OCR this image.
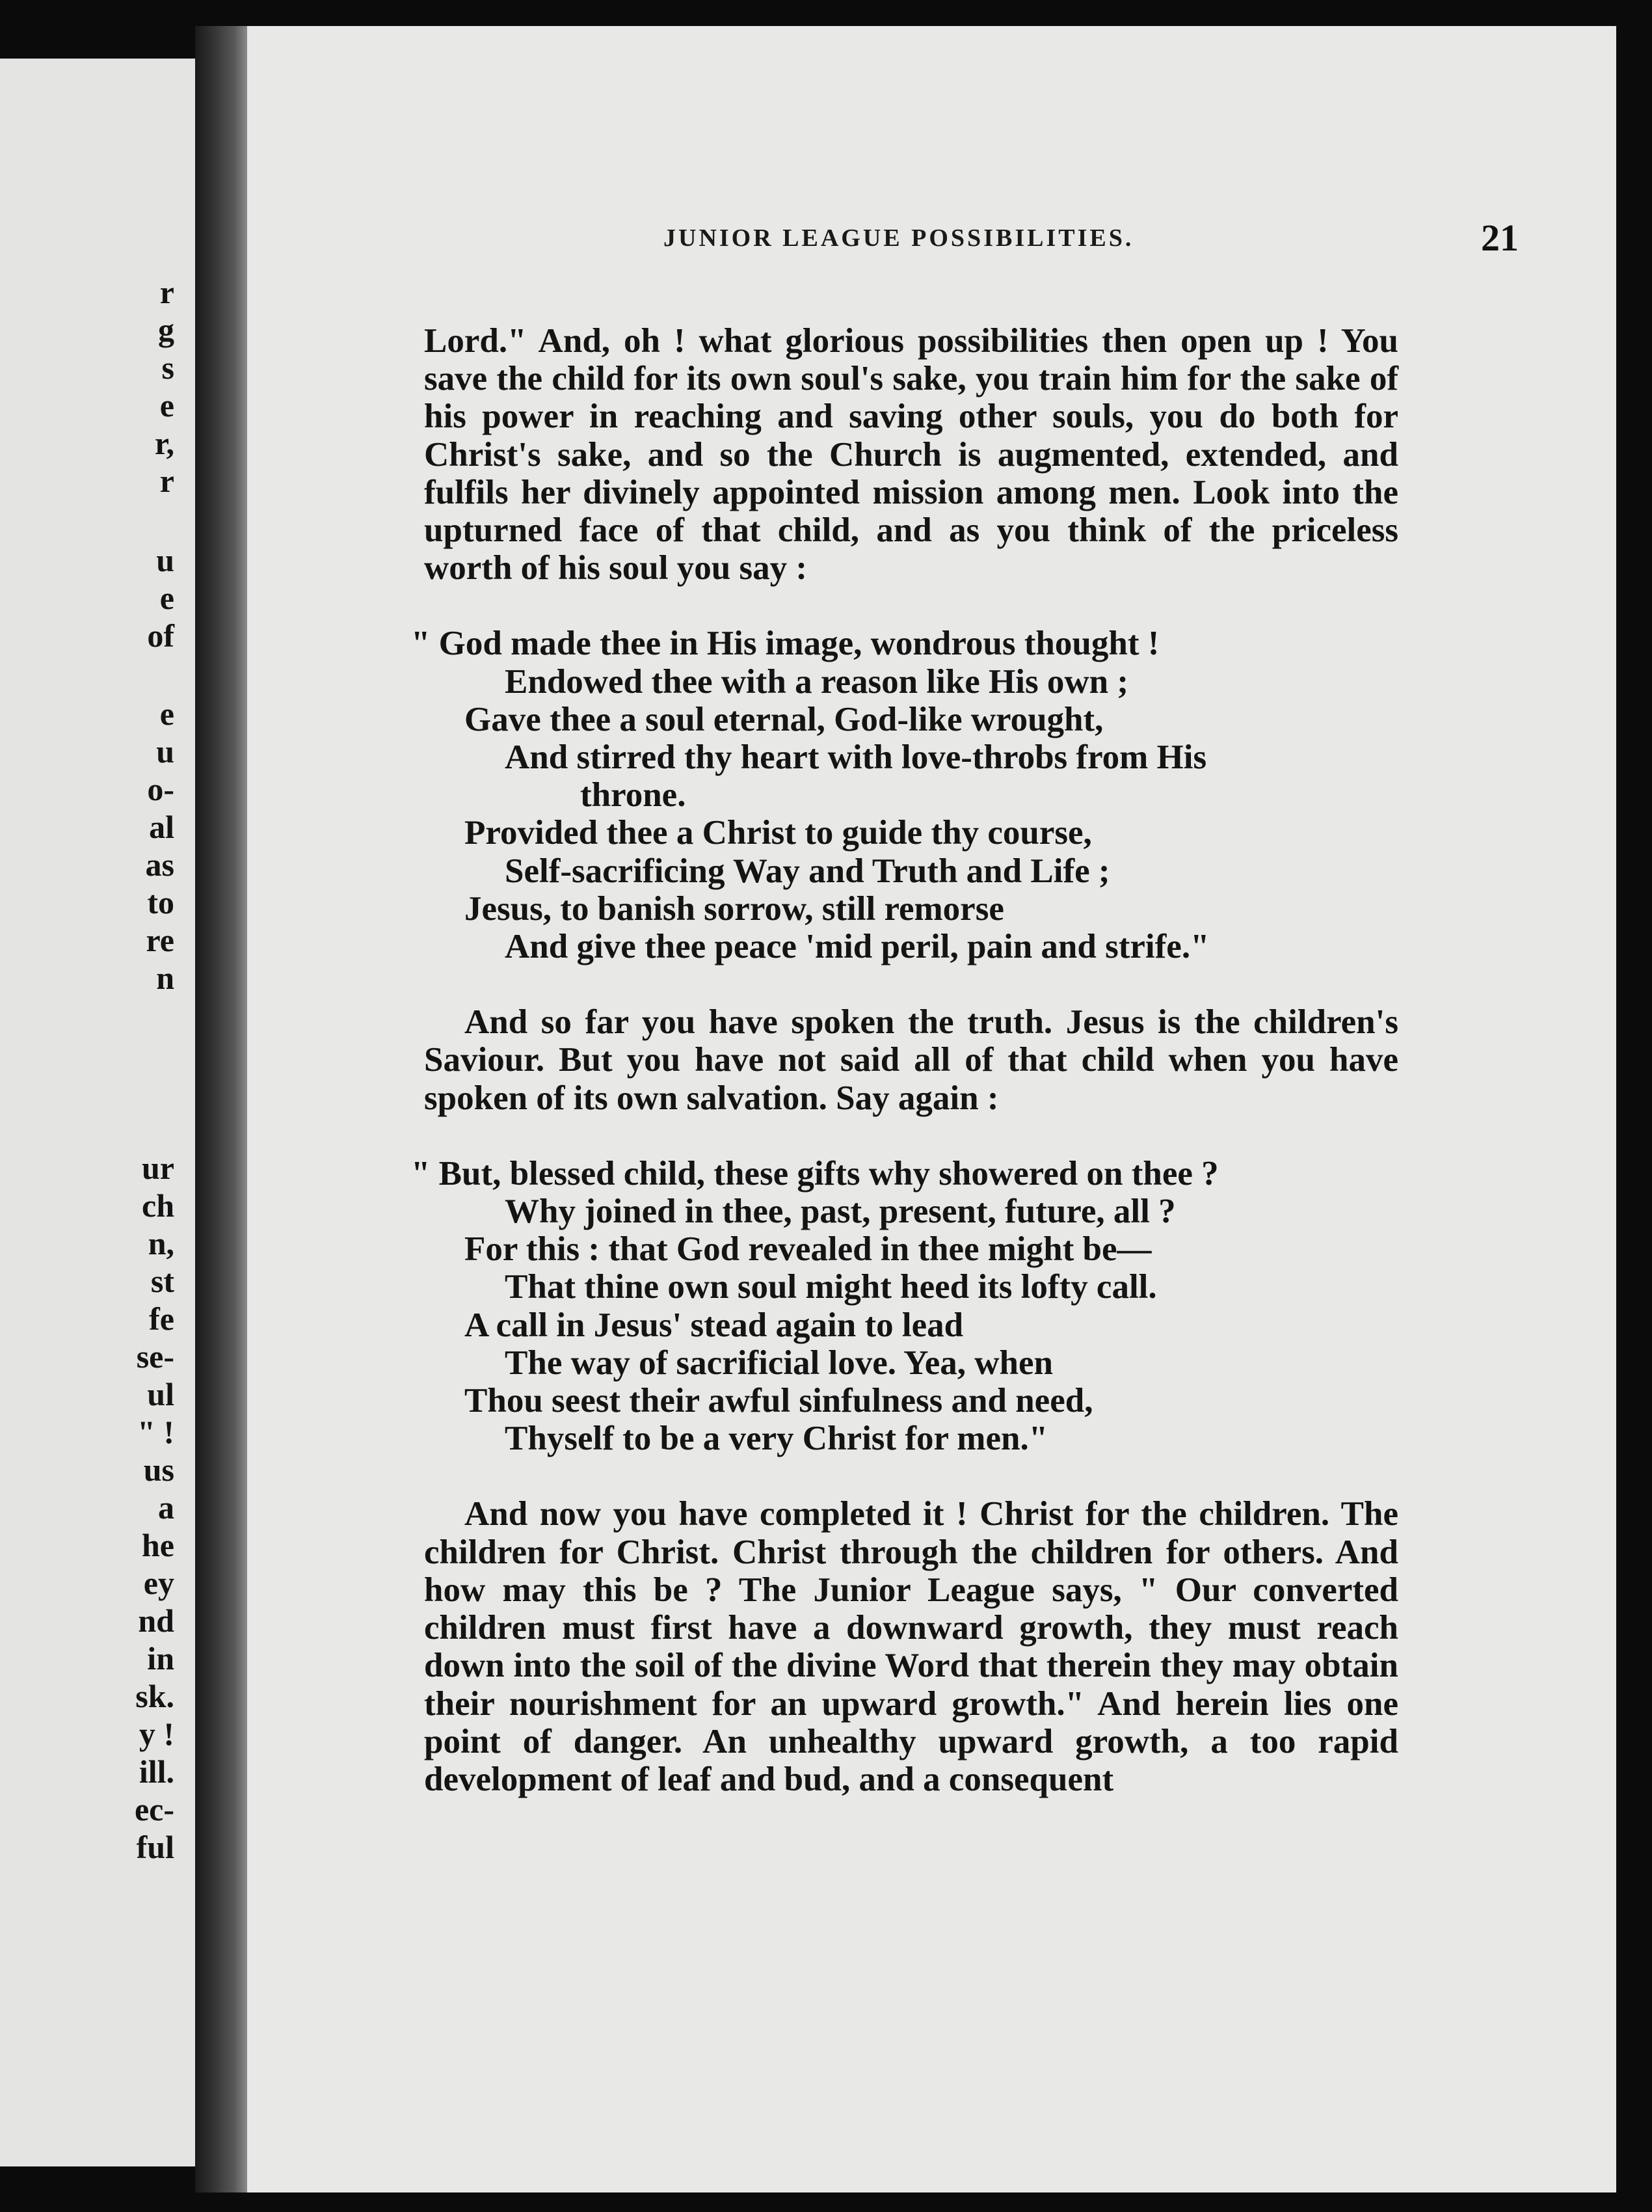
r
g
s
e
r,
r
u
e
of
e
u
o-
al
as
to
re
n
ur
ch
n,
st
fe
se-
ul
" !
us
a
he
ey
nd
in
sk.
y !
ill.
ec-
ful
JUNIOR LEAGUE POSSIBILITIES.	21

Lord." And, oh ! what glorious possibilities then open up ! You save the child for its own soul's sake, you train him for the sake of his power in reaching and saving other souls, you do both for Christ's sake, and so the Church is augmented, extended, and fulfils her divinely appointed mission among men. Look into the upturned face of that child, and as you think of the priceless worth of his soul you say :

" God made thee in His image, wondrous thought !
Endowed thee with a reason like His own ;
Gave thee a soul eternal, God-like wrought,
And stirred thy heart with love-throbs from His
throne.
Provided thee a Christ to guide thy course,
Self-sacrificing Way and Truth and Life ;
Jesus, to banish sorrow, still remorse
And give thee peace 'mid peril, pain and strife."

And so far you have spoken the truth. Jesus is the children's Saviour. But you have not said all of that child when you have spoken of its own salvation. Say again :

" But, blessed child, these gifts why showered on thee ?
Why joined in thee, past, present, future, all ?
For this : that God revealed in thee might be—
That thine own soul might heed its lofty call.
A call in Jesus' stead again to lead
The way of sacrificial love. Yea, when
Thou seest their awful sinfulness and need,
Thyself to be a very Christ for men."

And now you have completed it ! Christ for the children. The children for Christ. Christ through the children for others. And how may this be ? The Junior League says, " Our converted children must first have a downward growth, they must reach down into the soil of the divine Word that therein they may obtain their nourishment for an upward growth." And herein lies one point of danger. An unhealthy upward growth, a too rapid development of leaf and bud, and a consequent
